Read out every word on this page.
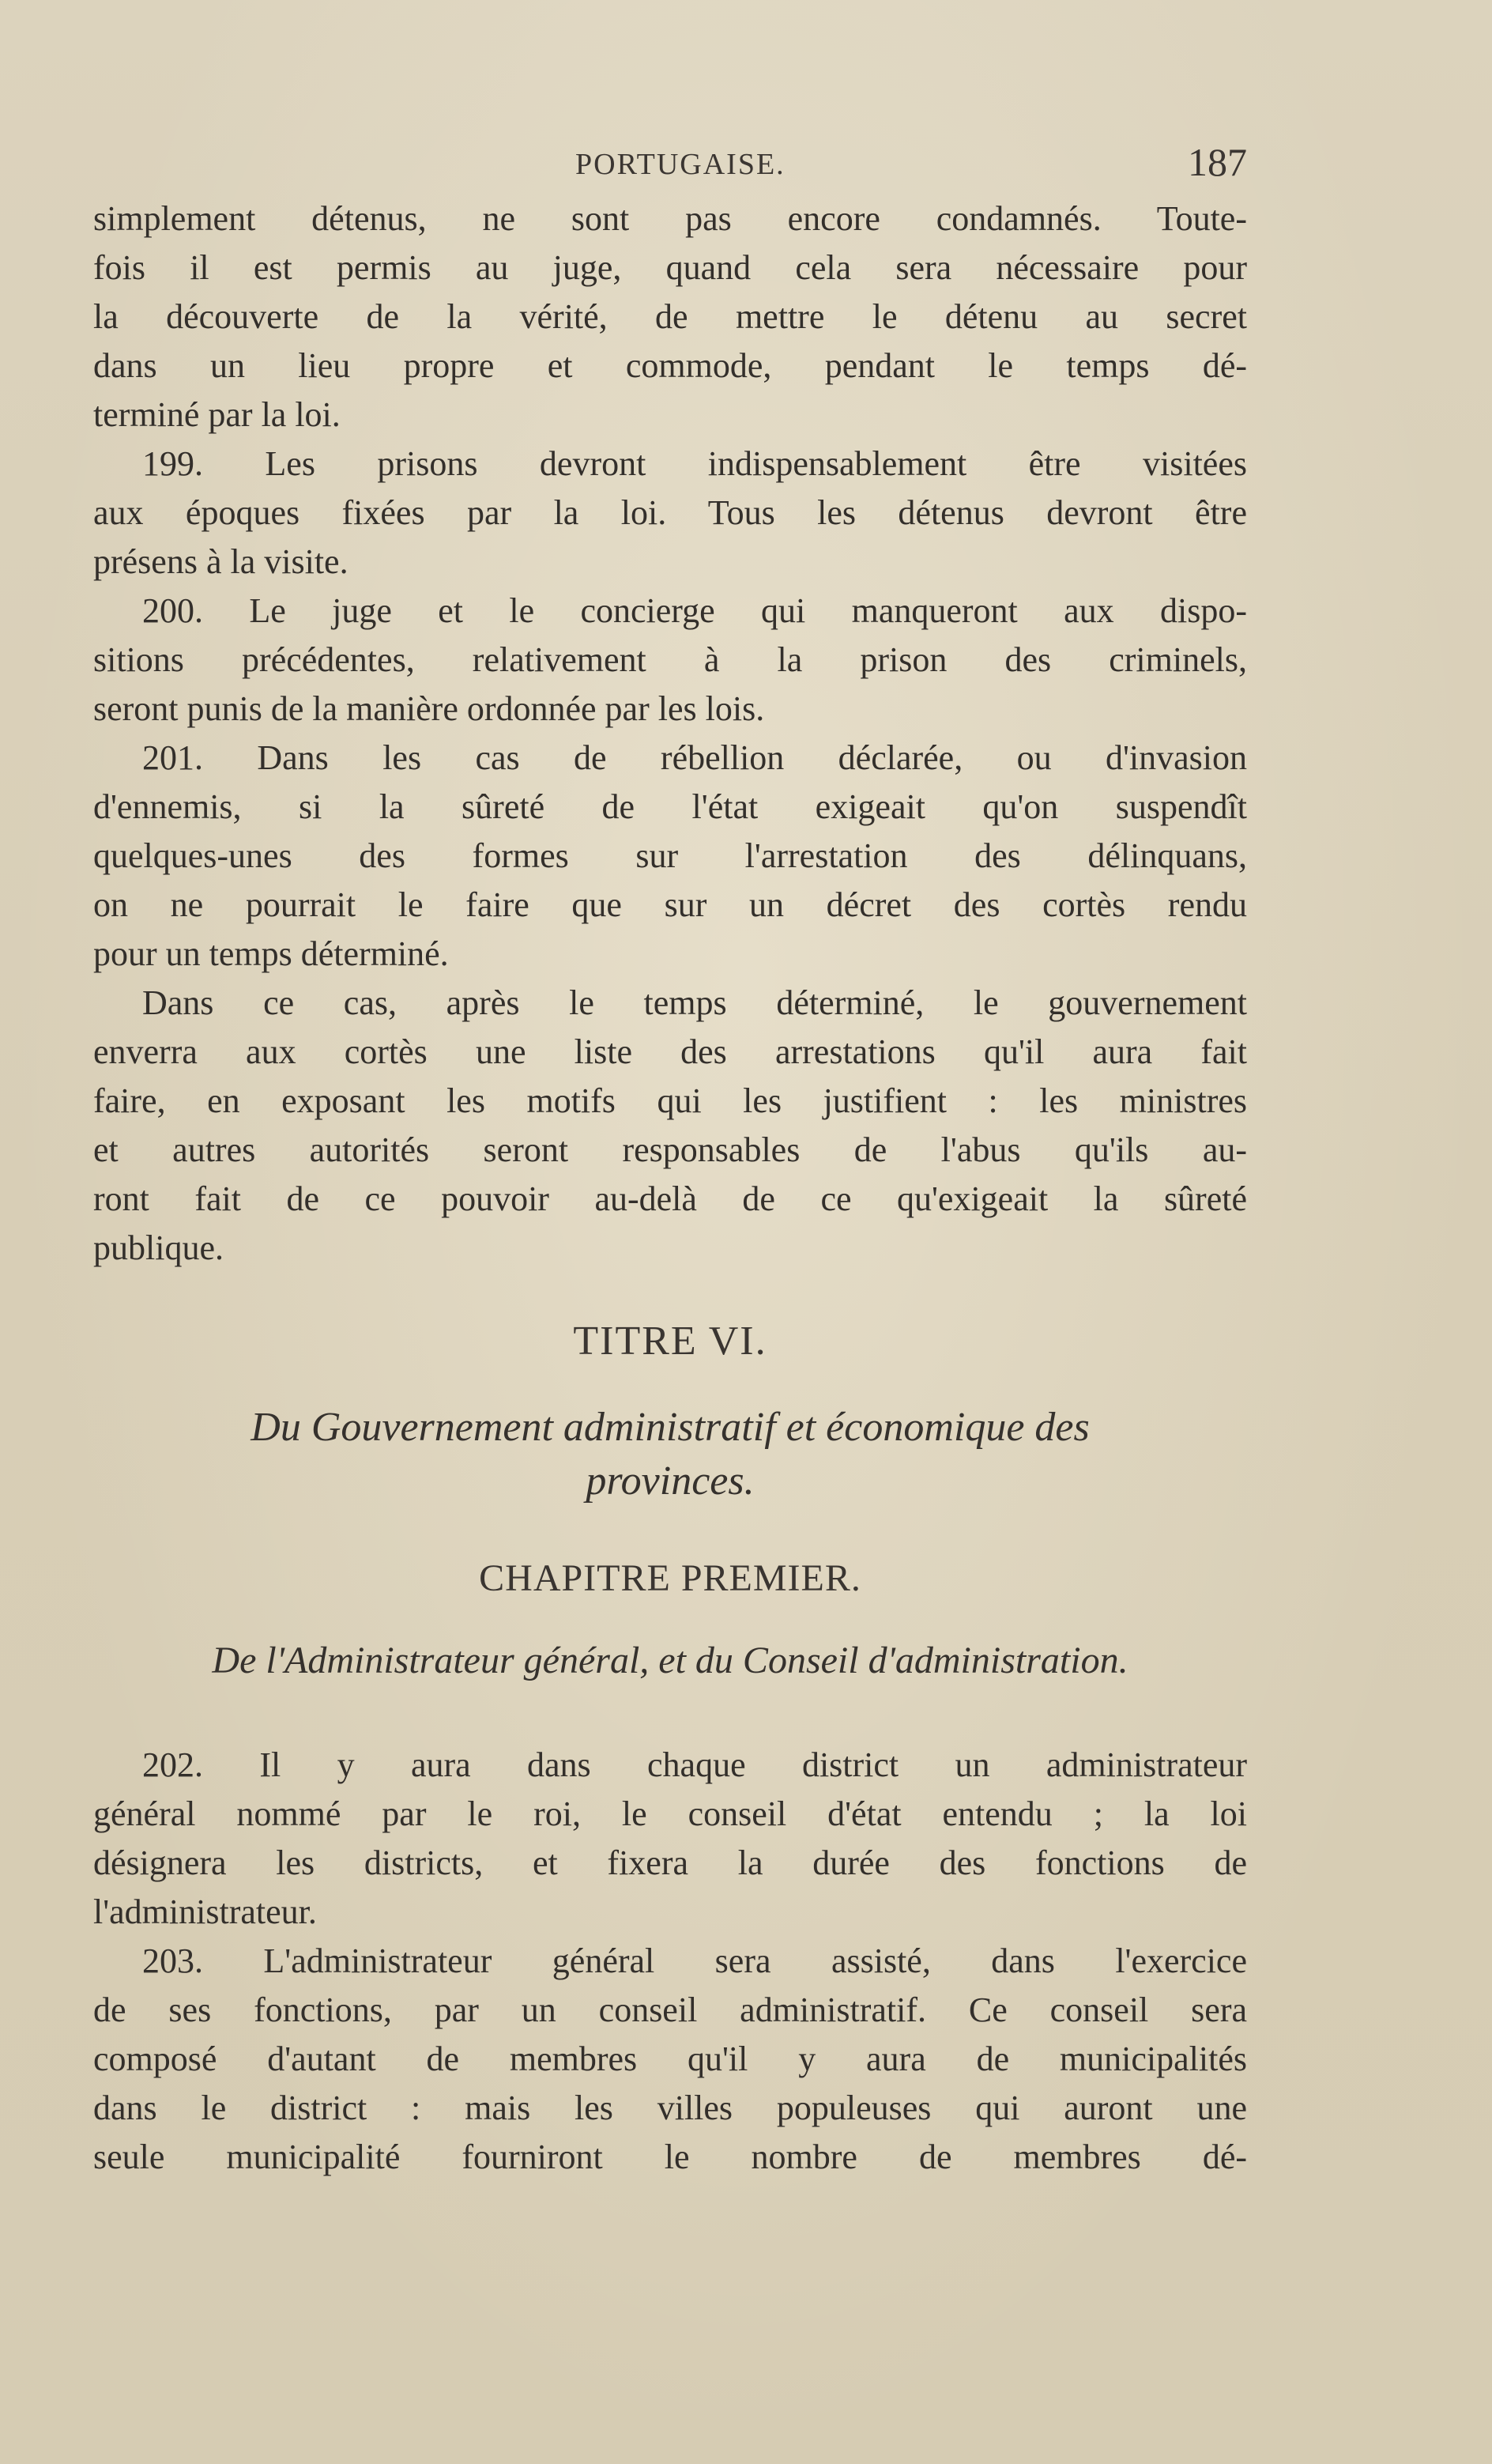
PORTUGAISE.	187
simplement détenus, ne sont pas encore condamnés. Toute-
fois il est permis au juge, quand cela sera nécessaire pour
la découverte de la vérité, de mettre le détenu au secret
dans un lieu propre et commode, pendant le temps dé-
terminé par la loi.
199. Les prisons devront indispensablement être visitées
aux époques fixées par la loi. Tous les détenus devront être
présens à la visite.
200. Le juge et le concierge qui manqueront aux dispo-
sitions précédentes, relativement à la prison des criminels,
seront punis de la manière ordonnée par les lois.
201. Dans les cas de rébellion déclarée, ou d'invasion
d'ennemis, si la sûreté de l'état exigeait qu'on suspendît
quelques-unes des formes sur l'arrestation des délinquans,
on ne pourrait le faire que sur un décret des cortès rendu
pour un temps déterminé.
Dans ce cas, après le temps déterminé, le gouvernement
enverra aux cortès une liste des arrestations qu'il aura fait
faire, en exposant les motifs qui les justifient : les ministres
et autres autorités seront responsables de l'abus qu'ils au-
ront fait de ce pouvoir au-delà de ce qu'exigeait la sûreté
publique.
TITRE VI.
Du Gouvernement administratif et économique des
provinces.
CHAPITRE PREMIER.
De l'Administrateur général, et du Conseil d'administration.
202. Il y aura dans chaque district un administrateur
général nommé par le roi, le conseil d'état entendu ; la loi
désignera les districts, et fixera la durée des fonctions de
l'administrateur.
203. L'administrateur général sera assisté, dans l'exercice
de ses fonctions, par un conseil administratif. Ce conseil sera
composé d'autant de membres qu'il y aura de municipalités
dans le district : mais les villes populeuses qui auront une
seule municipalité fourniront le nombre de membres dé-
